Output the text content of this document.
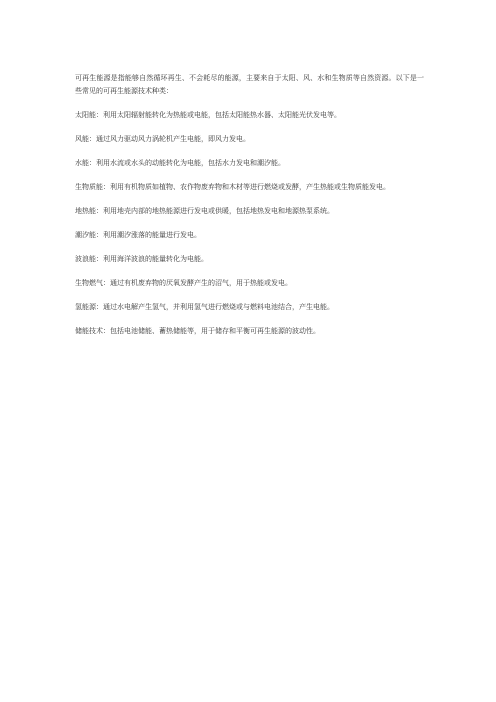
可再生能源是指能够自然循环再生、不会耗尽的能源，主要来自于太阳、风、水和生物质等自然资源。以下是一些常见的可再生能源技术种类：

太阳能：利用太阳辐射能转化为热能或电能，包括太阳能热水器、太阳能光伏发电等。

风能：通过风力驱动风力涡轮机产生电能，即风力发电。

水能：利用水流或水头的动能转化为电能，包括水力发电和潮汐能。

生物质能：利用有机物质如植物、农作物废弃物和木材等进行燃烧或发酵，产生热能或生物质能发电。

地热能：利用地壳内部的地热能源进行发电或供暖，包括地热发电和地源热泵系统。

潮汐能：利用潮汐涨落的能量进行发电。

波浪能：利用海洋波浪的能量转化为电能。

生物燃气：通过有机废弃物的厌氧发酵产生的沼气，用于热能或发电。

氢能源：通过水电解产生氢气，并利用氢气进行燃烧或与燃料电池结合，产生电能。

储能技术：包括电池储能、蓄热储能等，用于储存和平衡可再生能源的波动性。
